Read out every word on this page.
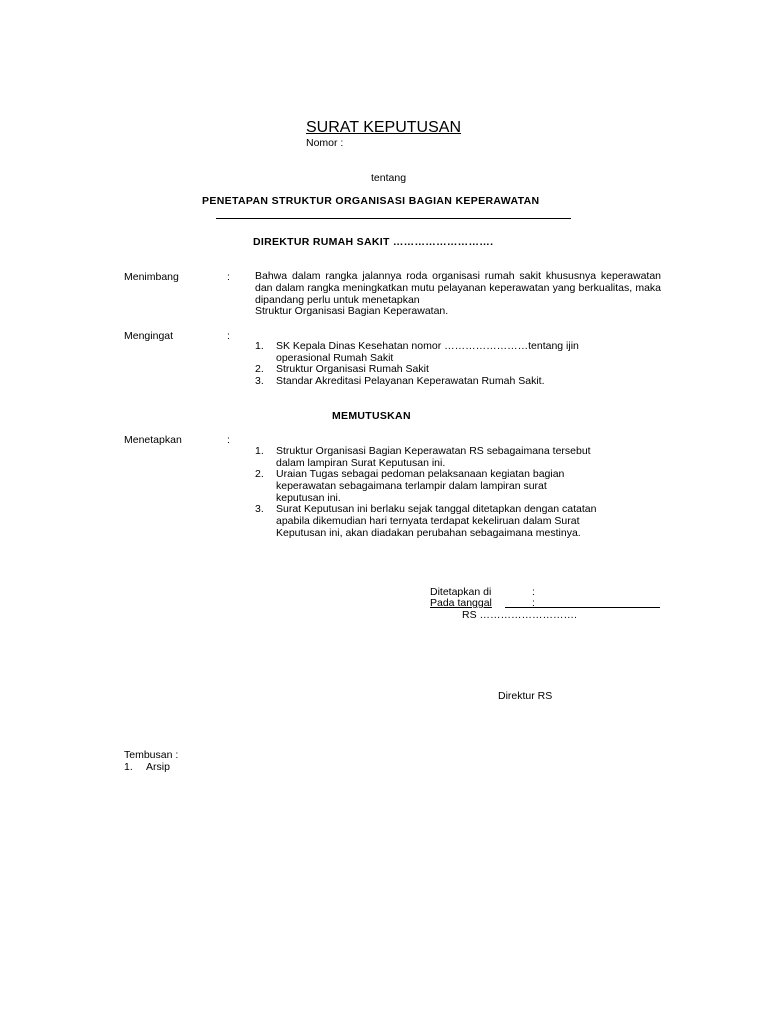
SURAT KEPUTUSAN
Nomor :
tentang
PENETAPAN STRUKTUR ORGANISASI BAGIAN KEPERAWATAN
DIREKTUR RUMAH SAKIT ……………………….
Menimbang	: Bahwa dalam rangka jalannya roda organisasi rumah sakit khususnya keperawatan dan dalam rangka meningkatkan mutu pelayanan keperawatan yang berkualitas, maka dipandang perlu untuk menetapkan
Struktur Organisasi Bagian Keperawatan.
Mengingat	:
1. SK Kepala Dinas Kesehatan nomor ……………………tentang ijin
operasional Rumah Sakit
2. Struktur Organisasi Rumah Sakit
3. Standar Akreditasi Pelayanan Keperawatan Rumah Sakit.
MEMUTUSKAN
Menetapkan	:
1. Struktur Organisasi Bagian Keperawatan RS sebagaimana tersebut
dalam lampiran Surat Keputusan ini.
2. Uraian Tugas sebagai pedoman pelaksanaan kegiatan bagian
keperawatan sebagaimana terlampir dalam lampiran surat
keputusan ini.
3. Surat Keputusan ini berlaku sejak tanggal ditetapkan dengan catatan
apabila dikemudian hari ternyata terdapat kekeliruan dalam Surat
Keputusan ini, akan diadakan perubahan sebagaimana mestinya.
Ditetapkan di	:
Pada tanggal	:
RS ……………………….
Direktur RS
Tembusan :
1. Arsip
